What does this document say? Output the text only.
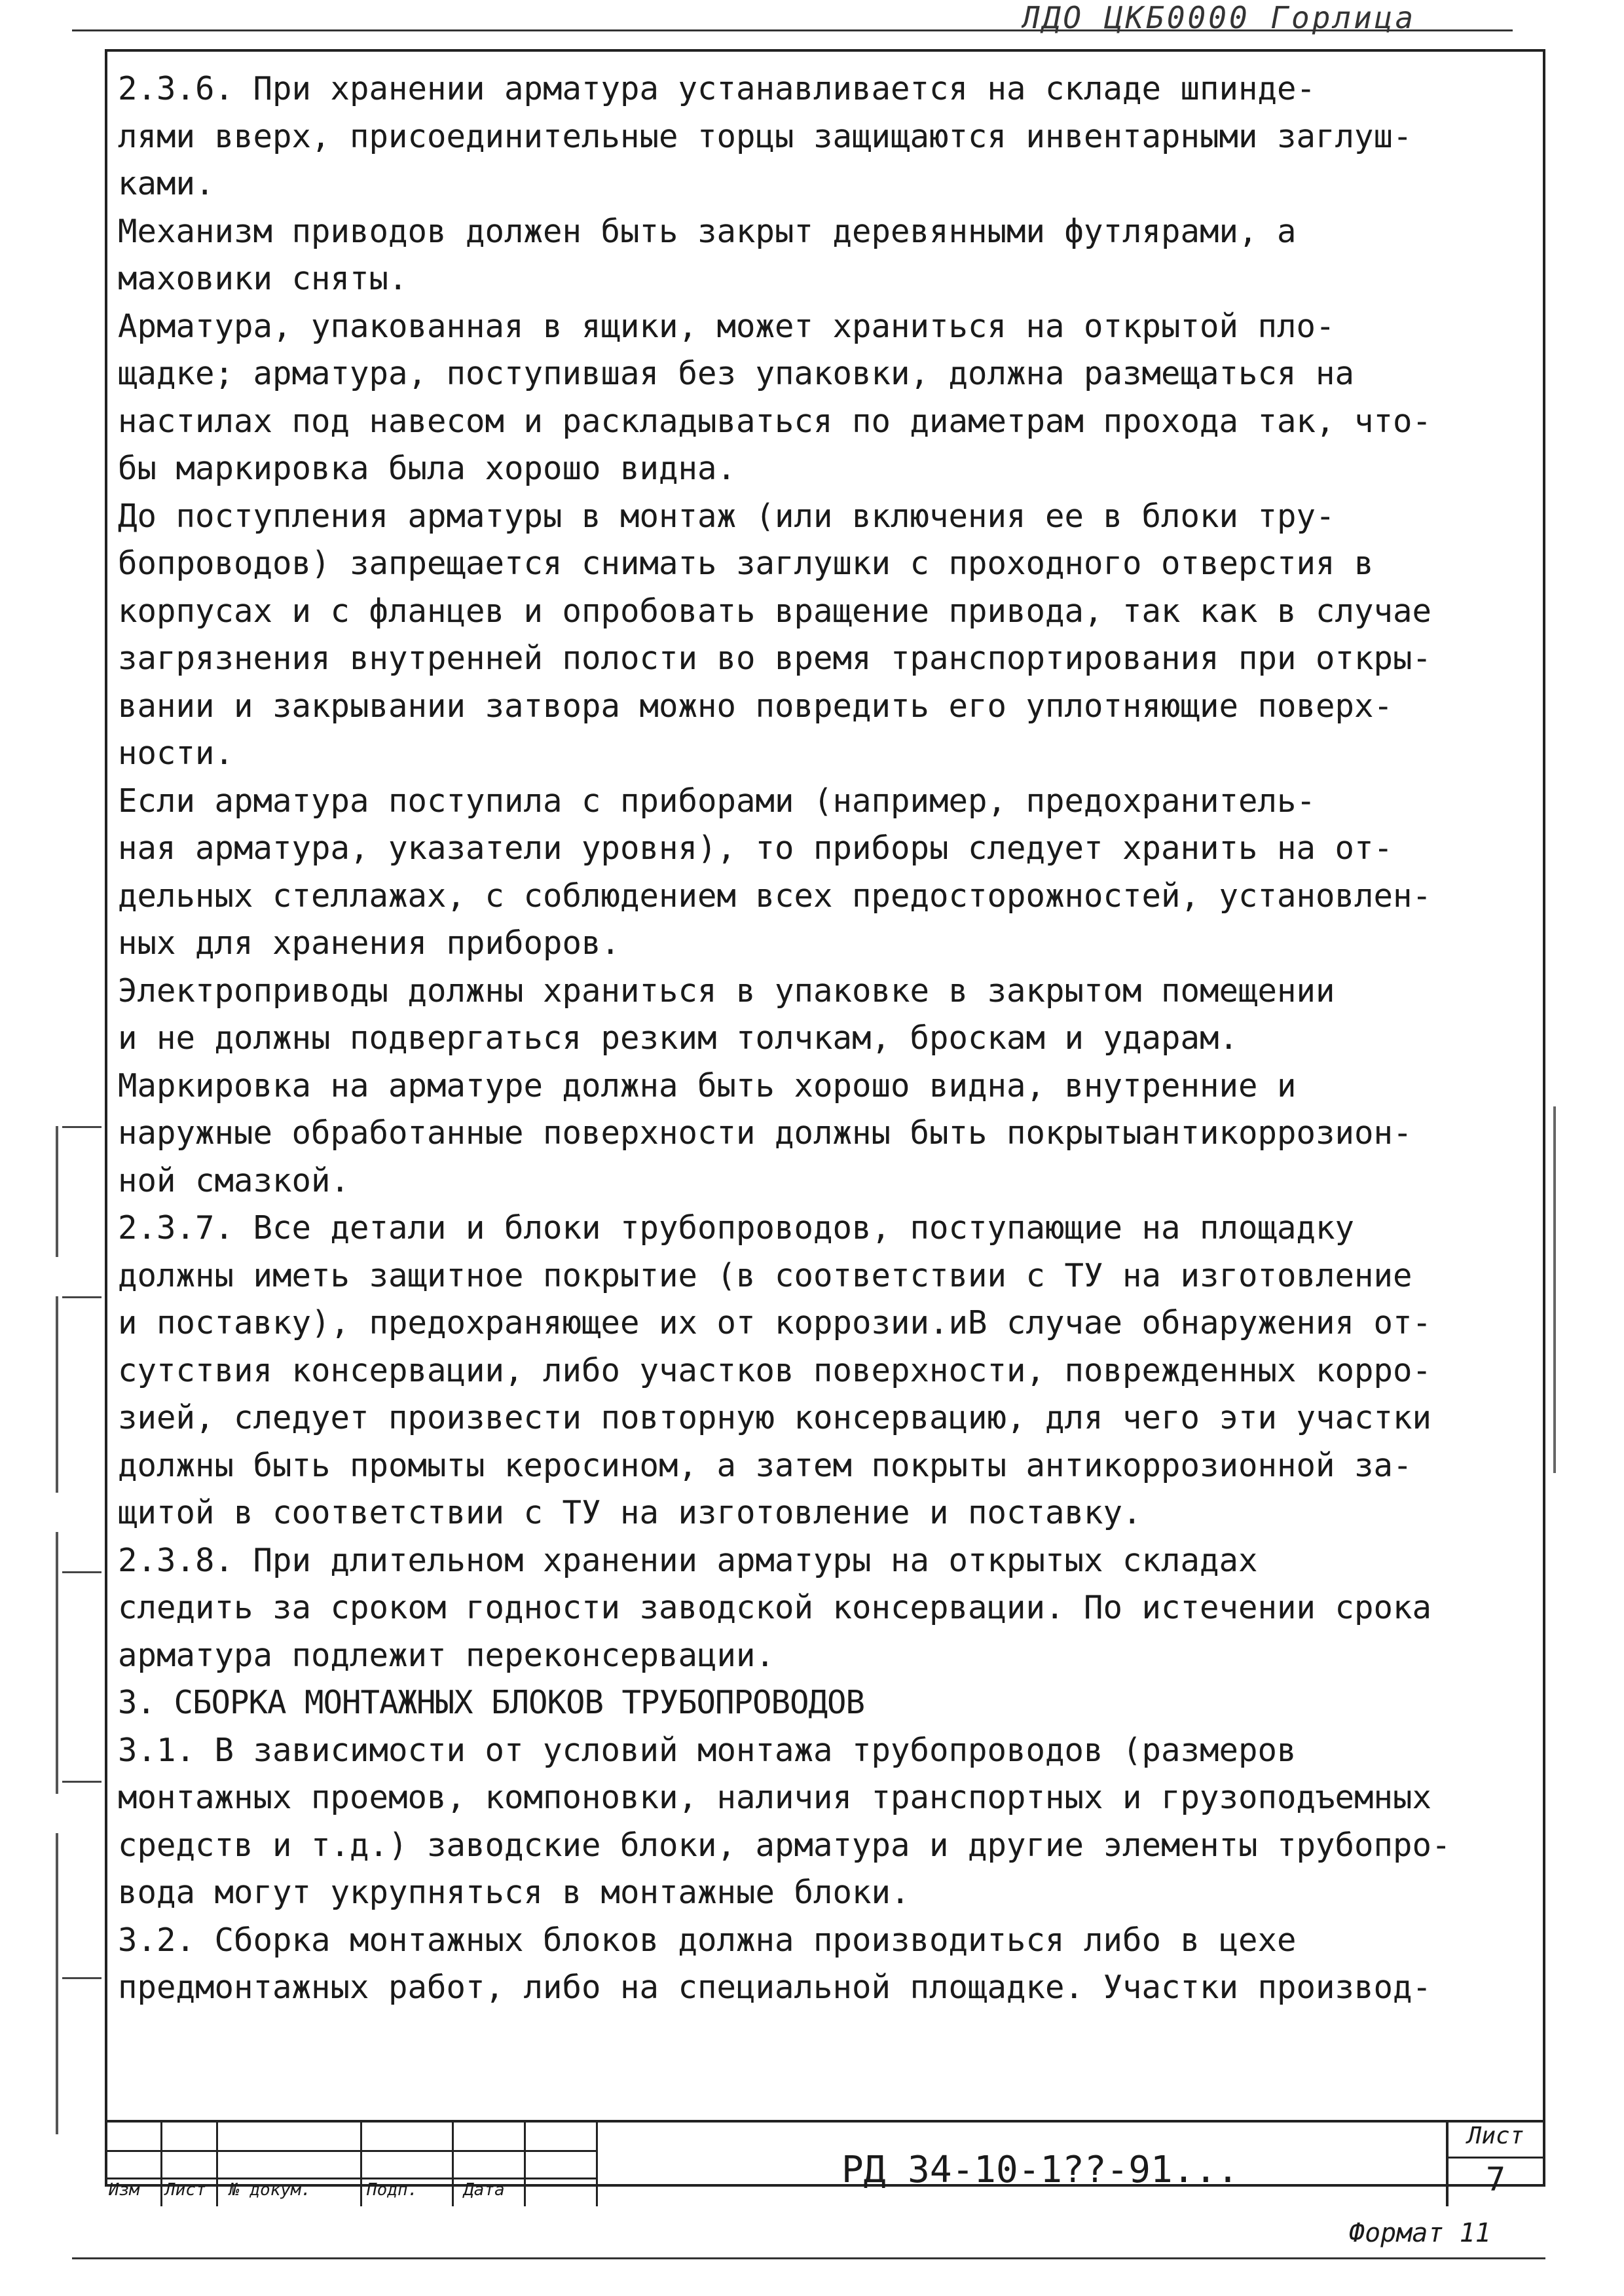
ЛДО ЦКБ0000 Горлица
2.3.6. При хранении арматура устанавливается на складе шпинде-
лями вверх, присоединительные торцы защищаются инвентарными заглуш-
ками.
Механизм приводов должен быть закрыт деревянными футлярами, а
маховики сняты.
Арматура, упакованная в ящики, может храниться на открытой пло-
щадке; арматура, поступившая без упаковки, должна размещаться на
настилах под навесом и раскладываться по диаметрам прохода так, что-
бы маркировка была хорошо видна.
До поступления арматуры в монтаж (или включения ее в блоки тру-
бопроводов) запрещается снимать заглушки с проходного отверстия в
корпусах и с фланцев и опробовать вращение привода, так как в случае
загрязнения внутренней полости во время транспортирования при откры-
вании и закрывании затвора можно повредить его уплотняющие поверх-
ности.
Если арматура поступила с приборами (например, предохранитель-
ная арматура, указатели уровня), то приборы следует хранить на от-
дельных стеллажах, с соблюдением всех предосторожностей, установлен-
ных для хранения приборов.
Электроприводы должны храниться в упаковке в закрытом помещении
и не должны подвергаться резким толчкам, броскам и ударам.
Маркировка на арматуре должна быть хорошо видна, внутренние и
наружные обработанные поверхности должны быть покрытыантикоррозион-
ной смазкой.
2.3.7. Все детали и блоки трубопроводов, поступающие на площадку
должны иметь защитное покрытие (в соответствии с ТУ на изготовление
и поставку), предохраняющее их от коррозии.иВ случае обнаружения от-
сутствия консервации, либо участков поверхности, поврежденных корро-
зией, следует произвести повторную консервацию, для чего эти участки
должны быть промыты керосином, а затем покрыты антикоррозионной за-
щитой в соответствии с ТУ на изготовление и поставку.
2.3.8. При длительном хранении арматуры на открытых складах
следить за сроком годности заводской консервации. По истечении срока
арматура подлежит переконсервации.
3. СБОРКА МОНТАЖНЫХ БЛОКОВ ТРУБОПРОВОДОВ
3.1. В зависимости от условий монтажа трубопроводов (размеров
монтажных проемов, компоновки, наличия транспортных и грузоподъемных
средств и т.д.) заводские блоки, арматура и другие элементы трубопро-
вода могут укрупняться в монтажные блоки.
3.2. Сборка монтажных блоков должна производиться либо в цехе
предмонтажных работ, либо на специальной площадке. Участки производ-
Изм Лист № докум.	Подп.	Дата	РД 34-10-1??-91...
Лист
7
Формат 11
